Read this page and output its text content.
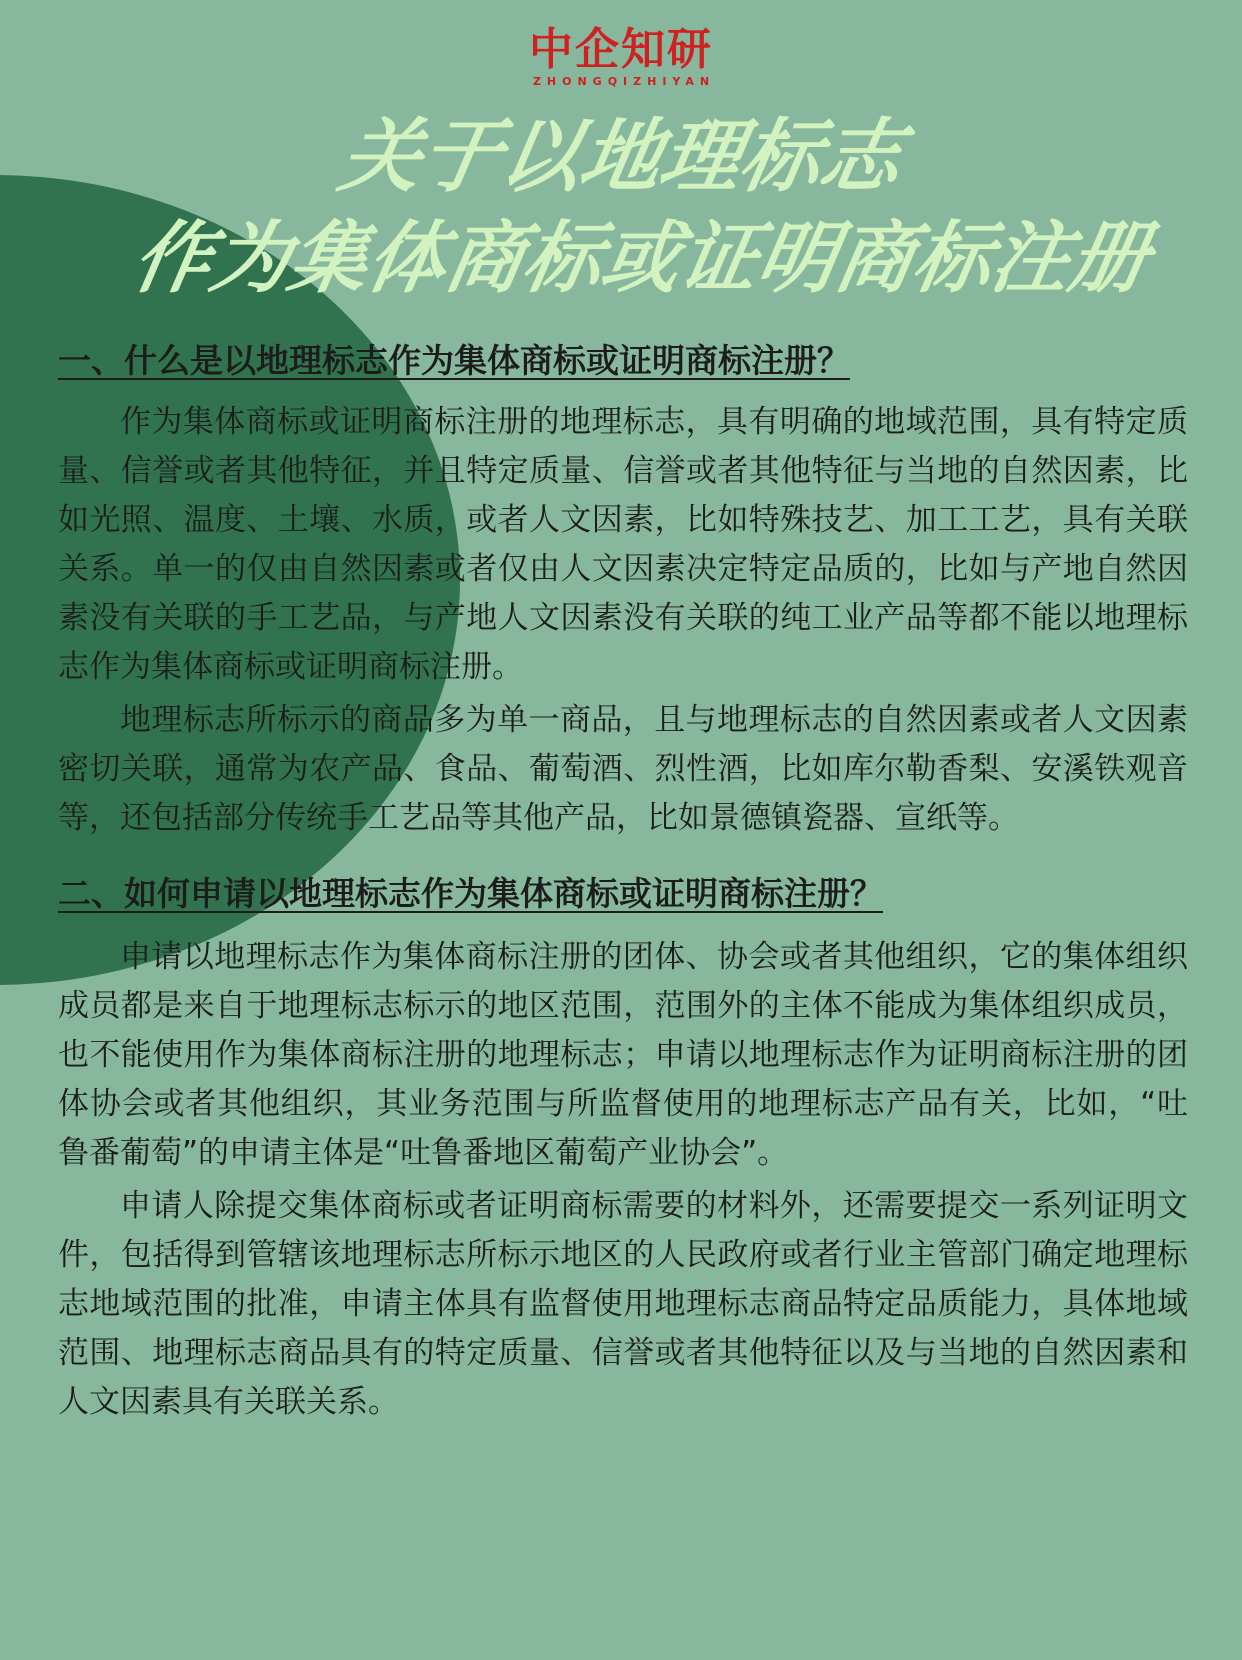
中企知研
ZHONGQIZHIYAN
关于以地理标志
作为集体商标或证明商标注册
一、什么是以地理标志作为集体商标或证明商标注册？

作为集体商标或证明商标注册的地理标志，具有明确的地域范围，具有特定质量、信誉或者其他特征，并且特定质量、信誉或者其他特征与当地的自然因素，比如光照、温度、土壤、水质，或者人文因素，比如特殊技艺、加工工艺，具有关联关系。单一的仅由自然因素或者仅由人文因素决定特定品质的，比如与产地自然因素没有关联的手工艺品，与产地人文因素没有关联的纯工业产品等都不能以地理标志作为集体商标或证明商标注册。

地理标志所标示的商品多为单一商品，且与地理标志的自然因素或者人文因素密切关联，通常为农产品、食品、葡萄酒、烈性酒，比如库尔勒香梨、安溪铁观音等，还包括部分传统手工艺品等其他产品，比如景德镇瓷器、宣纸等。

二、如何申请以地理标志作为集体商标或证明商标注册？

申请以地理标志作为集体商标注册的团体、协会或者其他组织，它的集体组织成员都是来自于地理标志标示的地区范围，范围外的主体不能成为集体组织成员，也不能使用作为集体商标注册的地理标志；申请以地理标志作为证明商标注册的团体协会或者其他组织，其业务范围与所监督使用的地理标志产品有关，比如，“吐鲁番葡萄”的申请主体是“吐鲁番地区葡萄产业协会”。

申请人除提交集体商标或者证明商标需要的材料外，还需要提交一系列证明文件，包括得到管辖该地理标志所标示地区的人民政府或者行业主管部门确定地理标志地域范围的批准，申请主体具有监督使用地理标志商品特定品质能力，具体地域范围、地理标志商品具有的特定质量、信誉或者其他特征以及与当地的自然因素和人文因素具有关联关系。
